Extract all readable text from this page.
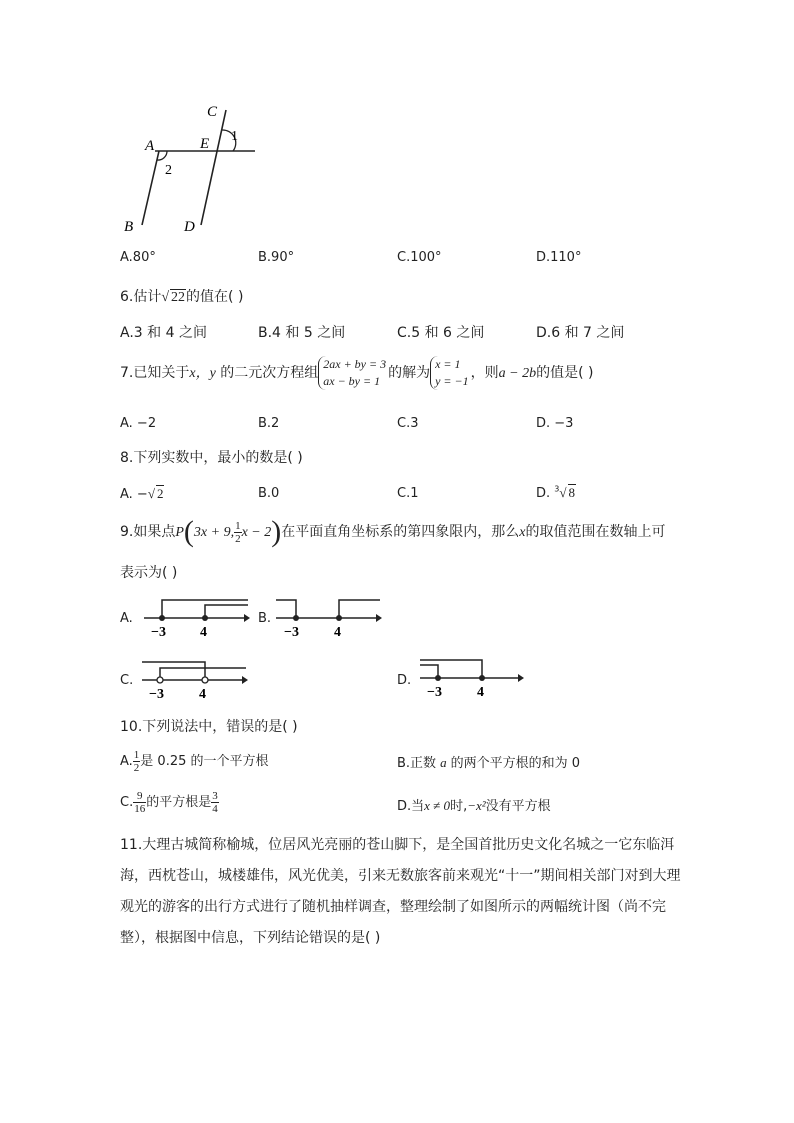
A	E
C
1
2
B	D
A.80°	B.90°	C.100°	D.110°
6.估计√ 22的值在( )
A.3 和 4 之间	B.4 和 5 之间	C.5 和 6 之间	D.6 和 7 之间
7.已知关于x，y 的二元次方程组
2ax + by = 3
ax − by = 1 的解为
x = 1
y = −1 ，则a − 2b的值是( )
A. −2	B.2	C.3	D. −3
8.下列实数中，最小的数是( )
A. −√ 2	B.0	C.1	D. $^3$√ 8
9.如果点P(3x + 9, $\frac{1}{2}$ x − 2)在平面直角坐标系的第四象限内，那么x的取值范围在数轴上可
表示为( )
A.
−3 4
B.
−3	4
C.
−3	4
D.
−3	4
10.下列说法中，错误的是( )
A. $\frac{1}{2}$ 是 0.25 的一个平方根	B.正数 a 的两个平方根的和为 0
C. $\frac{9}{16}$ 的平方根是 $\frac{3}{4}$	D.当x ≠ 0时,−x²没有平方根
11.大理古城简称榆城，位居风光亮丽的苍山脚下，是全国首批历史文化名城之一它东临洱
海，西枕苍山，城楼雄伟，风光优美，引来无数旅客前来观光“十一”期间相关部门对到大理
观光的游客的出行方式进行了随机抽样调查，整理绘制了如图所示的两幅统计图（尚不完
整），根据图中信息，下列结论错误的是( )
